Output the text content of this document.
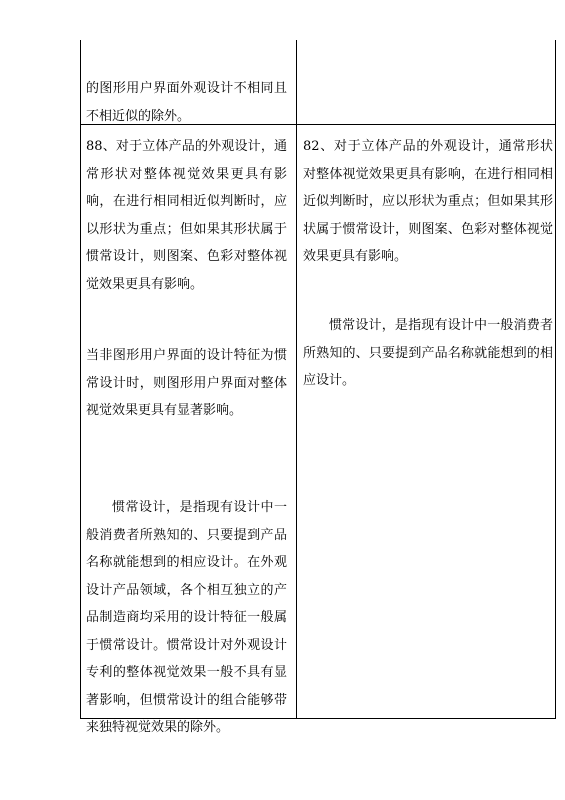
的图形用户界面外观设计不相同且不相近似的除外。

88、对于立体产品的外观设计，通常形状对整体视觉效果更具有影响，在进行相同相近似判断时，应以形状为重点；但如果其形状属于惯常设计，则图案、色彩对整体视觉效果更具有影响。

当非图形用户界面的设计特征为惯常设计时，则图形用户界面对整体视觉效果更具有显著影响。

惯常设计，是指现有设计中一般消费者所熟知的、只要提到产品名称就能想到的相应设计。在外观设计产品领域，各个相互独立的产品制造商均采用的设计特征一般属于惯常设计。惯常设计对外观设计专利的整体视觉效果一般不具有显著影响，但惯常设计的组合能够带来独特视觉效果的除外。

82、对于立体产品的外观设计，通常形状对整体视觉效果更具有影响，在进行相同相近似判断时，应以形状为重点；但如果其形状属于惯常设计，则图案、色彩对整体视觉效果更具有影响。

惯常设计，是指现有设计中一般消费者所熟知的、只要提到产品名称就能想到的相应设计。
